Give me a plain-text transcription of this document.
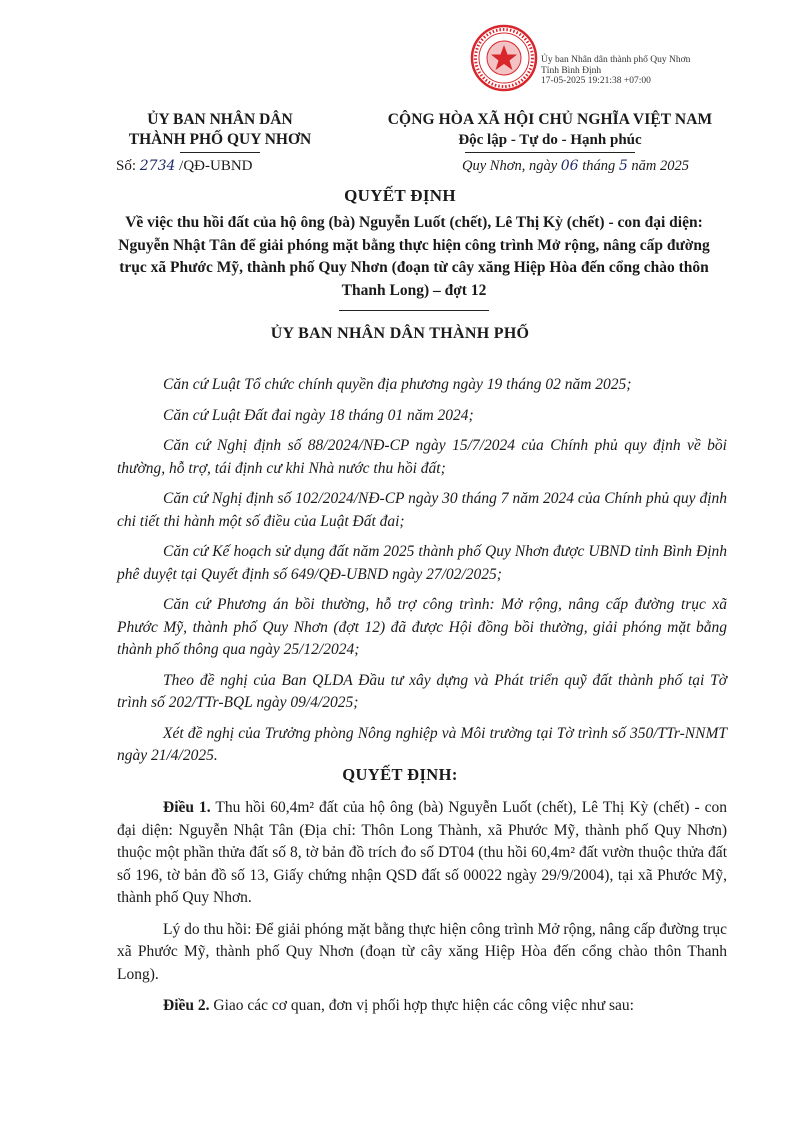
Ủy ban Nhân dân thành phố Quy Nhơn
Tỉnh Bình Định
17-05-2025 19:21:38 +07:00
ỦY BAN NHÂN DÂN
THÀNH PHỐ QUY NHƠN
Số: 2734 /QĐ-UBND
CỘNG HÒA XÃ HỘI CHỦ NGHĨA VIỆT NAM
Độc lập - Tự do - Hạnh phúc
Quy Nhơn, ngày 06 tháng 5 năm 2025
QUYẾT ĐỊNH
Về việc thu hồi đất của hộ ông (bà) Nguyễn Luốt (chết), Lê Thị Kỳ (chết) - con đại diện: Nguyễn Nhật Tân để giải phóng mặt bằng thực hiện công trình Mở rộng, nâng cấp đường trục xã Phước Mỹ, thành phố Quy Nhơn (đoạn từ cây xăng Hiệp Hòa đến cổng chào thôn Thanh Long) – đợt 12
ỦY BAN NHÂN DÂN THÀNH PHỐ

Căn cứ Luật Tổ chức chính quyền địa phương ngày 19 tháng 02 năm 2025;

Căn cứ Luật Đất đai ngày 18 tháng 01 năm 2024;

Căn cứ Nghị định số 88/2024/NĐ-CP ngày 15/7/2024 của Chính phủ quy định về bồi thường, hỗ trợ, tái định cư khi Nhà nước thu hồi đất;

Căn cứ Nghị định số 102/2024/NĐ-CP ngày 30 tháng 7 năm 2024 của Chính phủ quy định chi tiết thi hành một số điều của Luật Đất đai;

Căn cứ Kế hoạch sử dụng đất năm 2025 thành phố Quy Nhơn được UBND tỉnh Bình Định phê duyệt tại Quyết định số 649/QĐ-UBND ngày 27/02/2025;

Căn cứ Phương án bồi thường, hỗ trợ công trình: Mở rộng, nâng cấp đường trục xã Phước Mỹ, thành phố Quy Nhơn (đợt 12) đã được Hội đồng bồi thường, giải phóng mặt bằng thành phố thông qua ngày 25/12/2024;

Theo đề nghị của Ban QLDA Đầu tư xây dựng và Phát triển quỹ đất thành phố tại Tờ trình số 202/TTr-BQL ngày 09/4/2025;

Xét đề nghị của Trưởng phòng Nông nghiệp và Môi trường tại Tờ trình số 350/TTr-NNMT ngày 21/4/2025.

QUYẾT ĐỊNH:

Điều 1. Thu hồi 60,4m² đất của hộ ông (bà) Nguyễn Luốt (chết), Lê Thị Kỳ (chết) - con đại diện: Nguyễn Nhật Tân (Địa chỉ: Thôn Long Thành, xã Phước Mỹ, thành phố Quy Nhơn) thuộc một phần thửa đất số 8, tờ bản đồ trích đo số DT04 (thu hồi 60,4m² đất vườn thuộc thửa đất số 196, tờ bản đồ số 13, Giấy chứng nhận QSD đất số 00022 ngày 29/9/2004), tại xã Phước Mỹ, thành phố Quy Nhơn.

Lý do thu hồi: Để giải phóng mặt bằng thực hiện công trình Mở rộng, nâng cấp đường trục xã Phước Mỹ, thành phố Quy Nhơn (đoạn từ cây xăng Hiệp Hòa đến cổng chào thôn Thanh Long).

Điều 2. Giao các cơ quan, đơn vị phối hợp thực hiện các công việc như sau:
